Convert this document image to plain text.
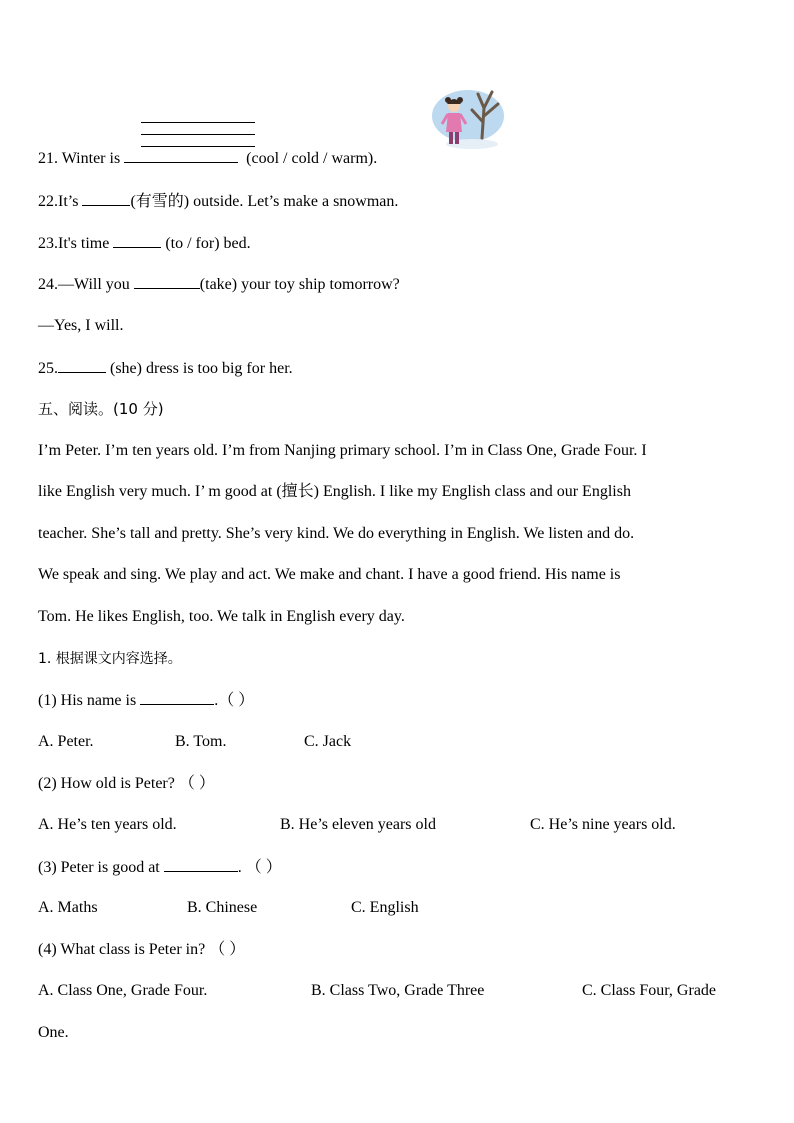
21. Winter is	(cool / cold / warm).
22.It’s	(有雪的) outside. Let’s make a snowman.
23.It's time	(to / for) bed.
24.—Will you	(take) your toy ship tomorrow?
—Yes, I will.
25.	(she) dress is too big for her.
五、阅读。(10 分)
I’m Peter. I’m ten years old. I’m from Nanjing primary school. I’m in Class One, Grade Four. I
like English very much. I’ m good at (擅长) English. I like my English class and our English
teacher. She’s tall and pretty. She’s very kind. We do everything in English. We listen and do.
We speak and sing. We play and act. We make and chant. I have a good friend. His name is
Tom. He likes English, too. We talk in English every day.
1. 根据课文内容选择。
(1) His name is	.（ ）
A. Peter.	B. Tom.	C. Jack
(2) How old is Peter? （ ）
A. He’s ten years old.	B. He’s eleven years old	C. He’s nine years old.
(3) Peter is good at	. （ ）
A. Maths	B. Chinese	C. English
(4) What class is Peter in? （ ）
A. Class One, Grade Four.	B. Class Two, Grade Three	C. Class Four, Grade
One.
